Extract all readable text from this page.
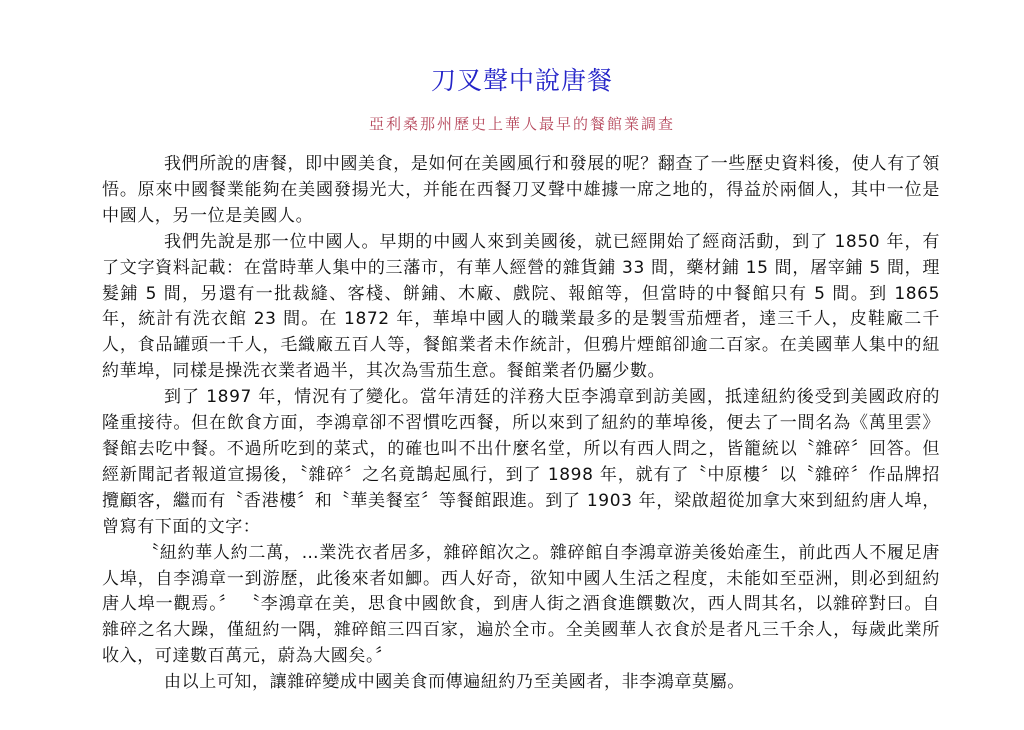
刀叉聲中說唐餐
亞利桑那州歷史上華人最早的餐館業調查

我們所說的唐餐，即中國美食，是如何在美國風行和發展的呢？翻查了一些歷史資料後，使人有了領悟。原來中國餐業能夠在美國發揚光大，并能在西餐刀叉聲中雄據一席之地的，得益於兩個人，其中一位是中國人，另一位是美國人。

我們先說是那一位中國人。早期的中國人來到美國後，就已經開始了經商活動，到了 1850 年，有了文字資料記載：在當時華人集中的三藩市，有華人經營的雜貨鋪 33 間，藥材鋪 15 間，屠宰鋪 5 間，理髮鋪 5 間，另還有一批裁縫、客棧、餅鋪、木廠、戲院、報館等，但當時的中餐館只有 5 間。到 1865 年，統計有洗衣館 23 間。在 1872 年，華埠中國人的職業最多的是製雪茄煙者，達三千人，皮鞋廠二千人，食品罐頭一千人，毛織廠五百人等，餐館業者未作統計，但鴉片煙館卻逾二百家。在美國華人集中的紐約華埠，同樣是操洗衣業者過半，其次為雪茄生意。餐館業者仍屬少數。

到了 1897 年，情況有了變化。當年清廷的洋務大臣李鴻章到訪美國，抵達紐約後受到美國政府的隆重接待。但在飲食方面，李鴻章卻不習慣吃西餐，所以來到了紐約的華埠後，便去了一間名為《萬里雲》餐館去吃中餐。不過所吃到的菜式，的確也叫不出什麼名堂，所以有西人問之，皆籠統以〝雜碎〞回答。但經新聞記者報道宣揚後，〝雜碎〞之名竟鵲起風行，到了 1898 年，就有了〝中原樓〞以〝雜碎〞作品牌招攬顧客，繼而有〝香港樓〞和〝華美餐室〞等餐館跟進。到了 1903 年，梁啟超從加拿大來到紐約唐人埠，曾寫有下面的文字：

〝紐約華人約二萬，…業洗衣者居多，雜碎館次之。雜碎館自李鴻章游美後始產生，前此西人不履足唐人埠，自李鴻章一到游歷，此後來者如鯽。西人好奇，欲知中國人生活之程度，未能如至亞洲，則必到紐約唐人埠一觀焉。〞 〝李鴻章在美，思食中國飲食，到唐人街之酒食進饌數次，西人問其名，以雜碎對曰。自雜碎之名大躁，僅紐約一隅，雜碎館三四百家，遍於全市。全美國華人衣食於是者凡三千余人，每歲此業所收入，可達數百萬元，蔚為大國矣。〞

由以上可知，讓雜碎變成中國美食而傳遍紐約乃至美國者，非李鴻章莫屬。
